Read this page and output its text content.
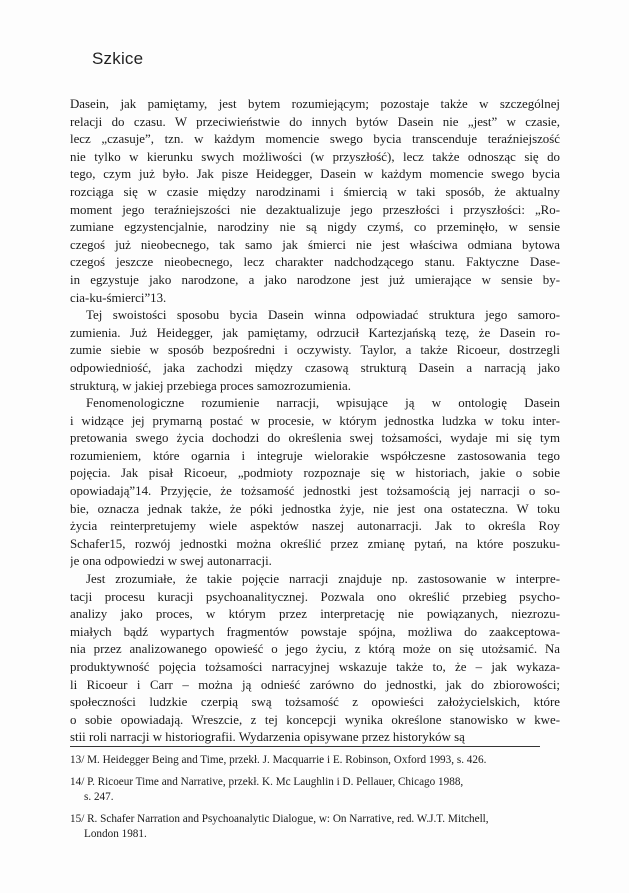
Szkice
Dasein, jak pamiętamy, jest bytem rozumiejącym; pozostaje także w szczególnej
relacji do czasu. W przeciwieństwie do innych bytów Dasein nie „jest” w czasie,
lecz „czasuje”, tzn. w każdym momencie swego bycia transcenduje teraźniejszość
nie tylko w kierunku swych możliwości (w przyszłość), lecz także odnosząc się do
tego, czym już było. Jak pisze Heidegger, Dasein w każdym momencie swego bycia
rozciąga się w czasie między narodzinami i śmiercią w taki sposób, że aktualny
moment jego teraźniejszości nie dezaktualizuje jego przeszłości i przyszłości: „Ro-
zumiane egzystencjalnie, narodziny nie są nigdy czymś, co przeminęło, w sensie
czegoś już nieobecnego, tak samo jak śmierci nie jest właściwa odmiana bytowa
czegoś jeszcze nieobecnego, lecz charakter nadchodzącego stanu. Faktyczne Dase-
in egzystuje jako narodzone, a jako narodzone jest już umierające w sensie by-
cia-ku-śmierci”13.
Tej swoistości sposobu bycia Dasein winna odpowiadać struktura jego samoro-
zumienia. Już Heidegger, jak pamiętamy, odrzucił Kartezjańską tezę, że Dasein ro-
zumie siebie w sposób bezpośredni i oczywisty. Taylor, a także Ricoeur, dostrzegli
odpowiedniość, jaka zachodzi między czasową strukturą Dasein a narracją jako
strukturą, w jakiej przebiega proces samozrozumienia.
Fenomenologiczne rozumienie narracji, wpisujące ją w ontologię Dasein
i widzące jej prymarną postać w procesie, w którym jednostka ludzka w toku inter-
pretowania swego życia dochodzi do określenia swej tożsamości, wydaje mi się tym
rozumieniem, które ogarnia i integruje wielorakie współczesne zastosowania tego
pojęcia. Jak pisał Ricoeur, „podmioty rozpoznaje się w historiach, jakie o sobie
opowiadają”14. Przyjęcie, że tożsamość jednostki jest tożsamością jej narracji o so-
bie, oznacza jednak także, że póki jednostka żyje, nie jest ona ostateczna. W toku
życia reinterpretujemy wiele aspektów naszej autonarracji. Jak to określa Roy
Schafer15, rozwój jednostki można określić przez zmianę pytań, na które poszuku-
je ona odpowiedzi w swej autonarracji.
Jest zrozumiałe, że takie pojęcie narracji znajduje np. zastosowanie w interpre-
tacji procesu kuracji psychoanalitycznej. Pozwala ono określić przebieg psycho-
analizy jako proces, w którym przez interpretację nie powiązanych, niezrozu-
miałych bądź wypartych fragmentów powstaje spójna, możliwa do zaakceptowa-
nia przez analizowanego opowieść o jego życiu, z którą może on się utożsamić. Na
produktywność pojęcia tożsamości narracyjnej wskazuje także to, że – jak wykaza-
li Ricoeur i Carr – można ją odnieść zarówno do jednostki, jak do zbiorowości;
społeczności ludzkie czerpią swą tożsamość z opowieści założycielskich, które
o sobie opowiadają. Wreszcie, z tej koncepcji wynika określone stanowisko w kwe-
stii roli narracji w historiografii. Wydarzenia opisywane przez historyków są
13/ M. Heidegger Being and Time, przekł. J. Macquarrie i E. Robinson, Oxford 1993, s. 426.
14/ P. Ricoeur Time and Narrative, przekł. K. Mc Laughlin i D. Pellauer, Chicago 1988,
s. 247.
15/ R. Schafer Narration and Psychoanalytic Dialogue, w: On Narrative, red. W.J.T. Mitchell,
London 1981.
